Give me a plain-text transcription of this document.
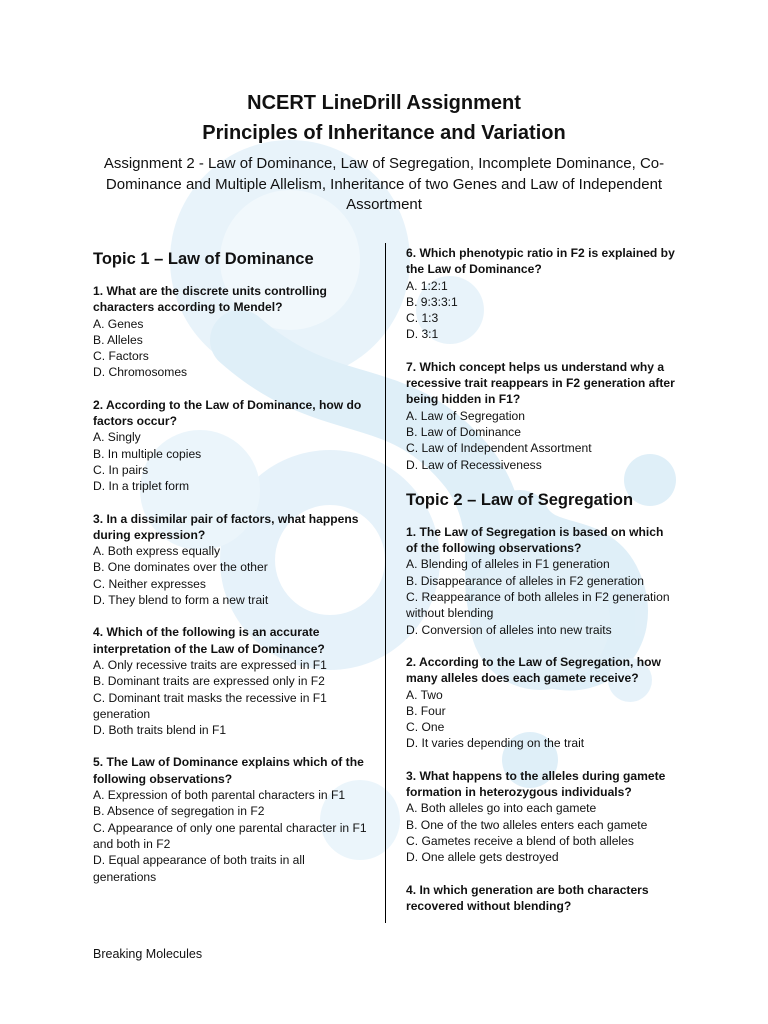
NCERT LineDrill Assignment
Principles of Inheritance and Variation
Assignment 2 - Law of Dominance, Law of Segregation, Incomplete Dominance, Co-Dominance and Multiple Allelism, Inheritance of two Genes and Law of Independent Assortment
Topic 1 – Law of Dominance
1. What are the discrete units controlling characters according to Mendel?
A. Genes
B. Alleles
C. Factors
D. Chromosomes
2. According to the Law of Dominance, how do factors occur?
A. Singly
B. In multiple copies
C. In pairs
D. In a triplet form
3. In a dissimilar pair of factors, what happens during expression?
A. Both express equally
B. One dominates over the other
C. Neither expresses
D. They blend to form a new trait
4. Which of the following is an accurate interpretation of the Law of Dominance?
A. Only recessive traits are expressed in F1
B. Dominant traits are expressed only in F2
C. Dominant trait masks the recessive in F1 generation
D. Both traits blend in F1
5. The Law of Dominance explains which of the following observations?
A. Expression of both parental characters in F1
B. Absence of segregation in F2
C. Appearance of only one parental character in F1 and both in F2
D. Equal appearance of both traits in all generations
6. Which phenotypic ratio in F2 is explained by the Law of Dominance?
A. 1:2:1
B. 9:3:3:1
C. 1:3
D. 3:1
7. Which concept helps us understand why a recessive trait reappears in F2 generation after being hidden in F1?
A. Law of Segregation
B. Law of Dominance
C. Law of Independent Assortment
D. Law of Recessiveness
Topic 2 – Law of Segregation
1. The Law of Segregation is based on which of the following observations?
A. Blending of alleles in F1 generation
B. Disappearance of alleles in F2 generation
C. Reappearance of both alleles in F2 generation without blending
D. Conversion of alleles into new traits
2. According to the Law of Segregation, how many alleles does each gamete receive?
A. Two
B. Four
C. One
D. It varies depending on the trait
3. What happens to the alleles during gamete formation in heterozygous individuals?
A. Both alleles go into each gamete
B. One of the two alleles enters each gamete
C. Gametes receive a blend of both alleles
D. One allele gets destroyed
4. In which generation are both characters recovered without blending?
Breaking Molecules
